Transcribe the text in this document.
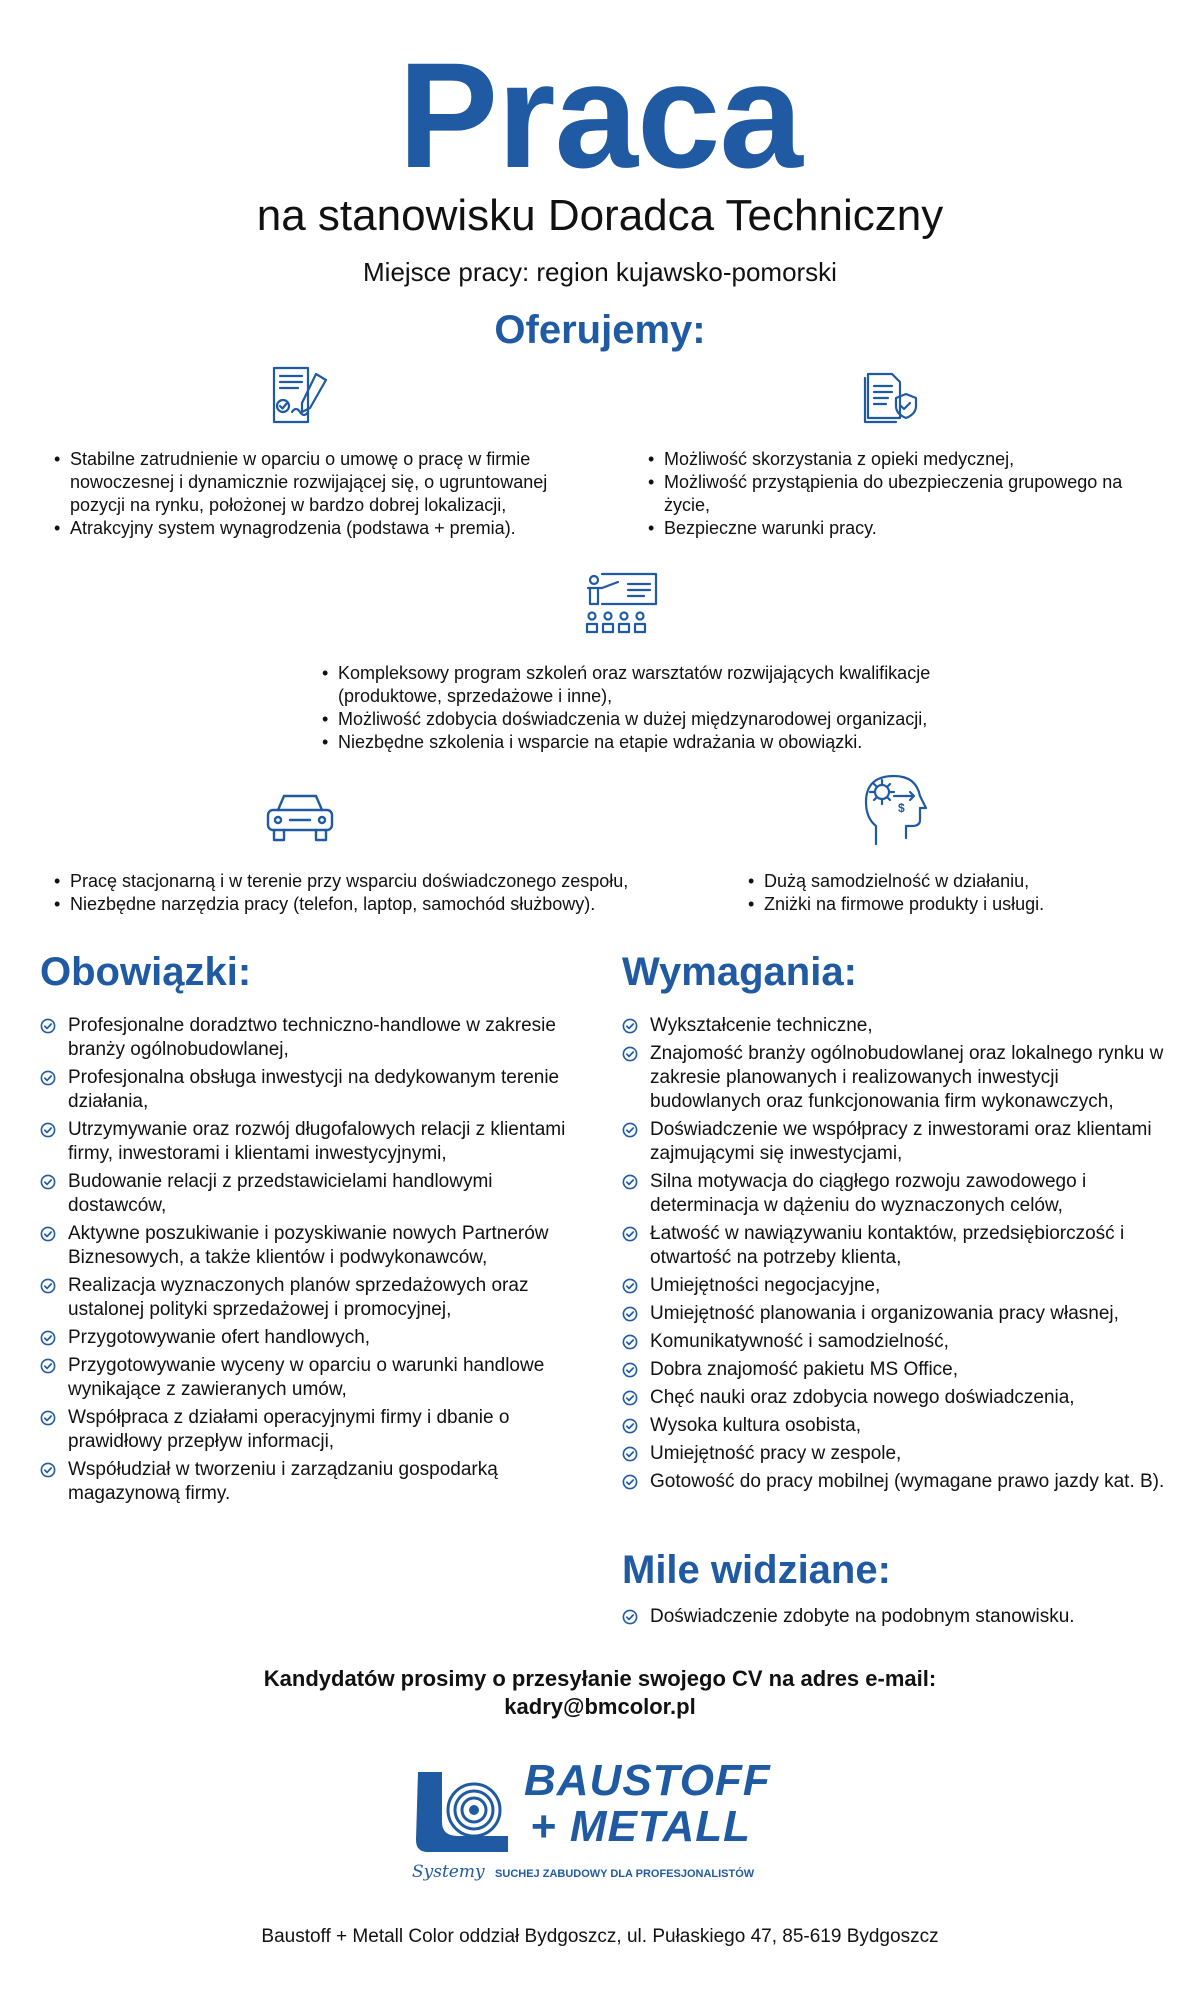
Praca
na stanowisku Doradca Techniczny
Miejsce pracy: region kujawsko-pomorski
Oferujemy:
• Stabilne zatrudnienie w oparciu o umowę o pracę w firmie nowoczesnej i dynamicznie rozwijającej się, o ugruntowanej pozycji na rynku, położonej w bardzo dobrej lokalizacji,
• Atrakcyjny system wynagrodzenia (podstawa + premia).
• Możliwość skorzystania z opieki medycznej,
• Możliwość przystąpienia do ubezpieczenia grupowego na życie,
• Bezpieczne warunki pracy.
• Kompleksowy program szkoleń oraz warsztatów rozwijających kwalifikacje (produktowe, sprzedażowe i inne),
• Możliwość zdobycia doświadczenia w dużej międzynarodowej organizacji,
• Niezbędne szkolenia i wsparcie na etapie wdrażania w obowiązki.
$
• Pracę stacjonarną i w terenie przy wsparciu doświadczonego zespołu,
• Niezbędne narzędzia pracy (telefon, laptop, samochód służbowy).
• Dużą samodzielność w działaniu,
• Zniżki na firmowe produkty i usługi.
Obowiązki:
Profesjonalne doradztwo techniczno-handlowe w zakresie branży ogólnobudowlanej,
Profesjonalna obsługa inwestycji na dedykowanym terenie działania,
Utrzymywanie oraz rozwój długofalowych relacji z klientami firmy, inwestorami i klientami inwestycyjnymi,
Budowanie relacji z przedstawicielami handlowymi dostawców,
Aktywne poszukiwanie i pozyskiwanie nowych Partnerów Biznesowych, a także klientów i podwykonawców,
Realizacja wyznaczonych planów sprzedażowych oraz ustalonej polityki sprzedażowej i promocyjnej,
Przygotowywanie ofert handlowych,
Przygotowywanie wyceny w oparciu o warunki handlowe wynikające z zawieranych umów,
Współpraca z działami operacyjnymi firmy i dbanie o prawidłowy przepływ informacji,
Współudział w tworzeniu i zarządzaniu gospodarką magazynową firmy.
Wymagania:
Wykształcenie techniczne,
Znajomość branży ogólnobudowlanej oraz lokalnego rynku w zakresie planowanych i realizowanych inwestycji budowlanych oraz funkcjonowania firm wykonawczych,
Doświadczenie we współpracy z inwestorami oraz klientami zajmującymi się inwestycjami,
Silna motywacja do ciągłego rozwoju zawodowego i determinacja w dążeniu do wyznaczonych celów,
Łatwość w nawiązywaniu kontaktów, przedsiębiorczość i otwartość na potrzeby klienta,
Umiejętności negocjacyjne,
Umiejętność planowania i organizowania pracy własnej,
Komunikatywność i samodzielność,
Dobra znajomość pakietu MS Office,
Chęć nauki oraz zdobycia nowego doświadczenia,
Wysoka kultura osobista,
Umiejętność pracy w zespole,
Gotowość do pracy mobilnej (wymagane prawo jazdy kat. B).
Mile widziane:
Doświadczenie zdobyte na podobnym stanowisku.
Kandydatów prosimy o przesyłanie swojego CV na adres e-mail:
kadry@bmcolor.pl
BAUSTOFF
+ METALL
Systemy SUCHEJ ZABUDOWY DLA PROFESJONALISTÓW
Baustoff + Metall Color oddział Bydgoszcz, ul. Pułaskiego 47, 85-619 Bydgoszcz
